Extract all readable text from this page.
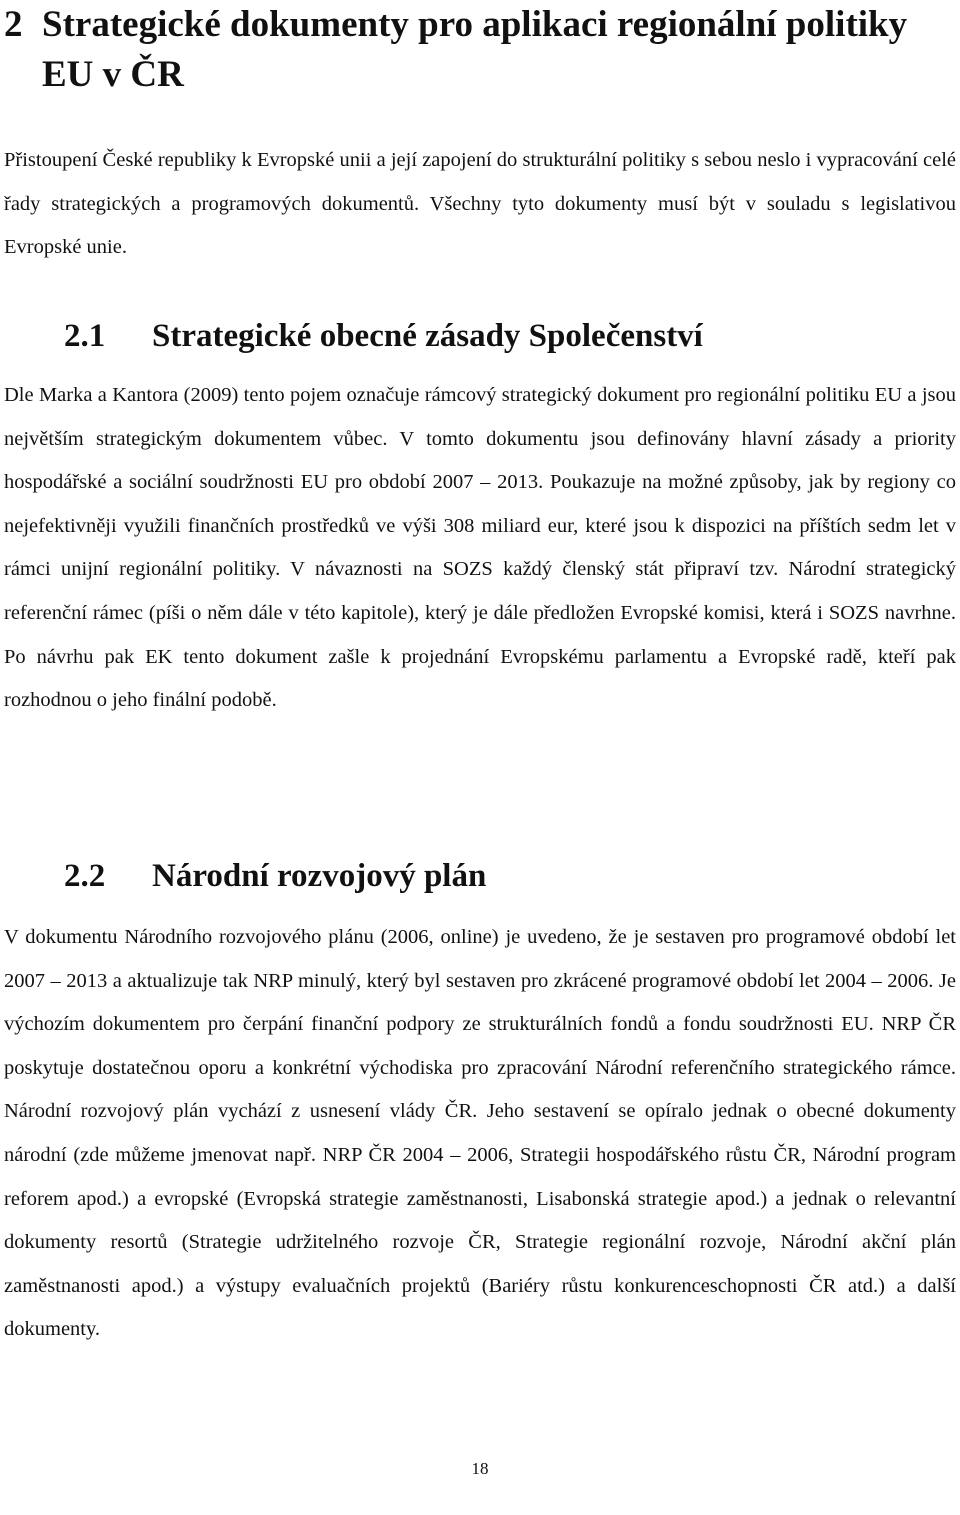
2 Strategické dokumenty pro aplikaci regionální politiky EU v ČR

Přistoupení České republiky k Evropské unii a její zapojení do strukturální politiky s sebou neslo i vypracování celé řady strategických a programových dokumentů. Všechny tyto dokumenty musí být v souladu s legislativou Evropské unie.

2.1	Strategické obecné zásady Společenství

Dle Marka a Kantora (2009) tento pojem označuje rámcový strategický dokument pro regionální politiku EU a jsou největším strategickým dokumentem vůbec. V tomto dokumentu jsou definovány hlavní zásady a priority hospodářské a sociální soudržnosti EU pro období 2007 – 2013. Poukazuje na možné způsoby, jak by regiony co nejefektivněji využili finančních prostředků ve výši 308 miliard eur, které jsou k dispozici na příštích sedm let v rámci unijní regionální politiky. V návaznosti na SOZS každý členský stát připraví tzv. Národní strategický referenční rámec (píši o něm dále v této kapitole), který je dále předložen Evropské komisi, která i SOZS navrhne. Po návrhu pak EK tento dokument zašle k projednání Evropskému parlamentu a Evropské radě, kteří pak rozhodnou o jeho finální podobě.

2.2	Národní rozvojový plán

V dokumentu Národního rozvojového plánu (2006, online) je uvedeno, že je sestaven pro programové období let 2007 – 2013 a aktualizuje tak NRP minulý, který byl sestaven pro zkrácené programové období let 2004 – 2006. Je výchozím dokumentem pro čerpání finanční podpory ze strukturálních fondů a fondu soudržnosti EU. NRP ČR poskytuje dostatečnou oporu a konkrétní východiska pro zpracování Národní referenčního strategického rámce. Národní rozvojový plán vychází z usnesení vlády ČR. Jeho sestavení se opíralo jednak o obecné dokumenty národní (zde můžeme jmenovat např. NRP ČR 2004 – 2006, Strategii hospodářského růstu ČR, Národní program reforem apod.) a evropské (Evropská strategie zaměstnanosti, Lisabonská strategie apod.) a jednak o relevantní dokumenty resortů (Strategie udržitelného rozvoje ČR, Strategie regionální rozvoje, Národní akční plán zaměstnanosti apod.) a výstupy evaluačních projektů (Bariéry růstu konkurenceschopnosti ČR atd.) a další dokumenty.

18
